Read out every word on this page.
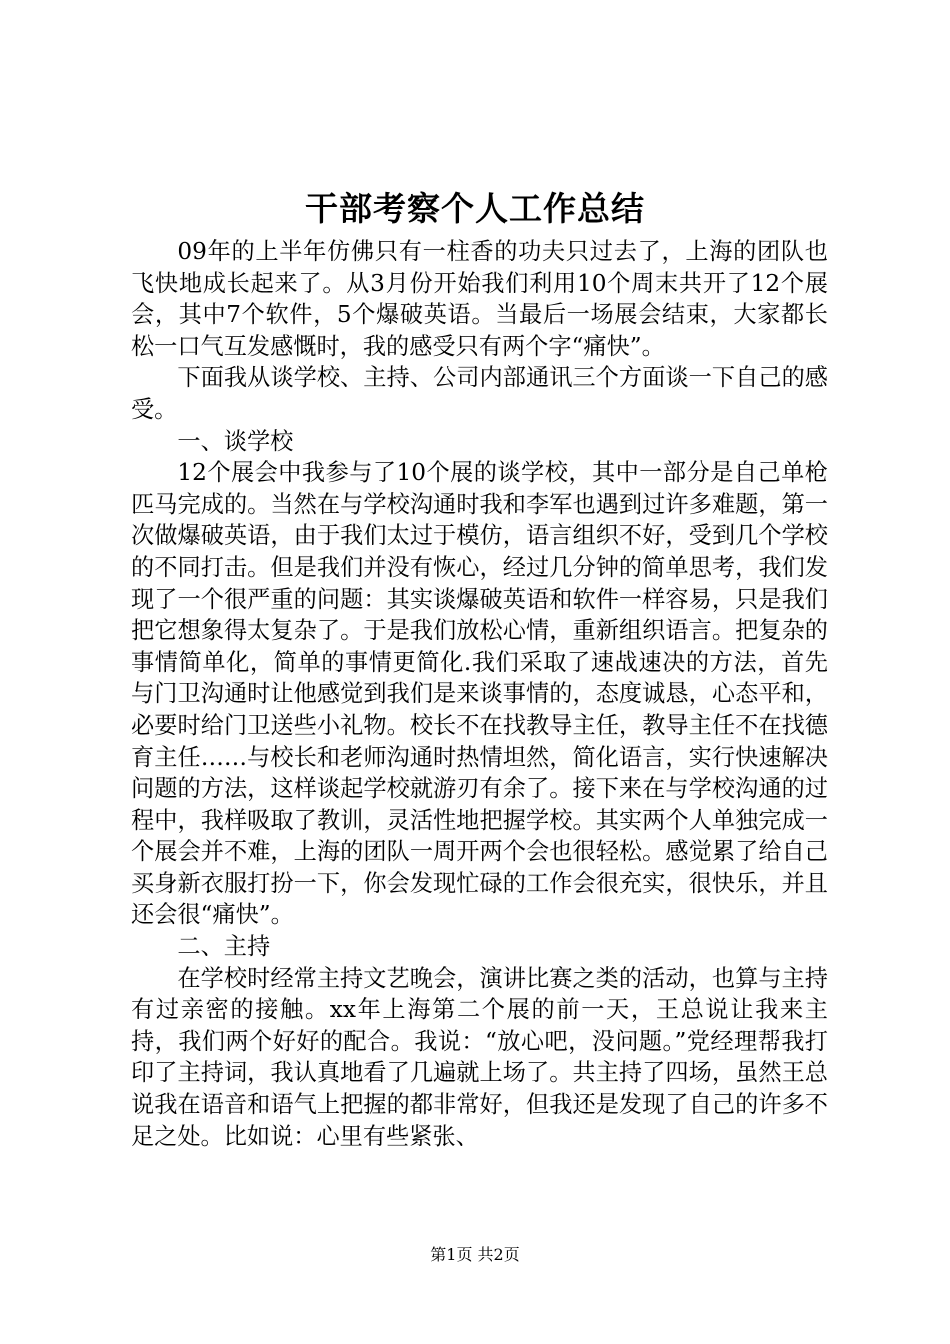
干部考察个人工作总结

09年的上半年仿佛只有一柱香的功夫只过去了，上海的团队也飞快地成长起来了。从3月份开始我们利用10个周末共开了12个展会，其中7个软件，5个爆破英语。当最后一场展会结束，大家都长松一口气互发感慨时，我的感受只有两个字“痛快”。

下面我从谈学校、主持、公司内部通讯三个方面谈一下自己的感受。

一、谈学校

12个展会中我参与了10个展的谈学校，其中一部分是自己单枪匹马完成的。当然在与学校沟通时我和李军也遇到过许多难题，第一次做爆破英语，由于我们太过于模仿，语言组织不好，受到几个学校的不同打击。但是我们并没有恢心，经过几分钟的简单思考，我们发现了一个很严重的问题：其实谈爆破英语和软件一样容易，只是我们把它想象得太复杂了。于是我们放松心情，重新组织语言。把复杂的事情简单化，简单的事情更简化.我们采取了速战速决的方法，首先与门卫沟通时让他感觉到我们是来谈事情的，态度诚恳，心态平和，必要时给门卫送些小礼物。校长不在找教导主任，教导主任不在找德育主任……与校长和老师沟通时热情坦然，简化语言，实行快速解决问题的方法，这样谈起学校就游刃有余了。接下来在与学校沟通的过程中，我样吸取了教训，灵活性地把握学校。其实两个人单独完成一个展会并不难，上海的团队一周开两个会也很轻松。感觉累了给自己买身新衣服打扮一下，你会发现忙碌的工作会很充实，很快乐，并且还会很“痛快”。

二、主持

在学校时经常主持文艺晚会，演讲比赛之类的活动，也算与主持有过亲密的接触。xx年上海第二个展的前一天，王总说让我来主持，我们两个好好的配合。我说：“放心吧，没问题。”党经理帮我打印了主持词，我认真地看了几遍就上场了。共主持了四场，虽然王总说我在语音和语气上把握的都非常好，但我还是发现了自己的许多不足之处。比如说：心里有些紧张、

第1页 共2页
